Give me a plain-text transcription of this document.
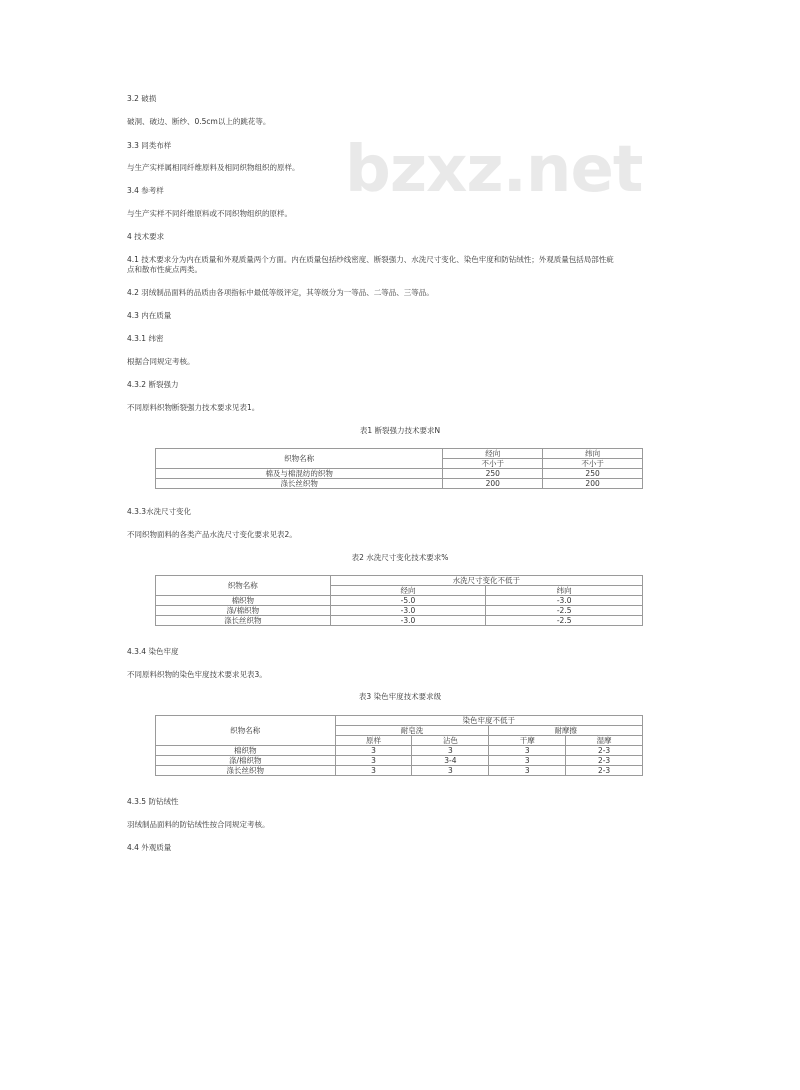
bzxz.net
3.2 破损
破洞、破边、断纱、0.5cm以上的跳花等。
3.3 同类布样
与生产实样属相同纤维原料及相同织物组织的原样。
3.4 参考样
与生产实样不同纤维原料或不同织物组织的原样。
4 技术要求
4.1 技术要求分为内在质量和外观质量两个方面。内在质量包括纱线密度、断裂强力、水洗尺寸变化、染色牢度和防钻绒性；外观质量包括局部性疵
点和散布性疵点两类。
4.2 羽绒制品面料的品质由各项指标中最低等级评定，其等级分为一等品、二等品、三等品。
4.3 内在质量
4.3.1 纬密
根据合同规定考核。
4.3.2 断裂强力
不同原料织物断裂强力技术要求见表1。
表1 断裂强力技术要求N
织物名称	经向	纬向
	不小于	不小于
棉及与棉混纺的织物	250	250
涤长丝织物	200	200
4.3.3水洗尺寸变化
不同织物面料的各类产品水洗尺寸变化要求见表2。
表2 水洗尺寸变化技术要求%
织物名称	水洗尺寸变化不低于	
	经向	纬向
棉织物	-5.0	-3.0
涤/棉织物	-3.0	-2.5
涤长丝织物	-3.0	-2.5
4.3.4 染色牢度
不同原料织物的染色牢度技术要求见表3。
表3 染色牢度技术要求级
织物名称	染色牢度不低于			
	耐皂洗		耐摩擦	
	原样	沾色	干摩	湿摩
棉织物	3	3	3	2-3
涤/棉织物	3	3-4	3	2-3
涤长丝织物	3	3	3	2-3
4.3.5 防钻绒性
羽绒制品面料的防钻绒性按合同规定考核。
4.4 外观质量
